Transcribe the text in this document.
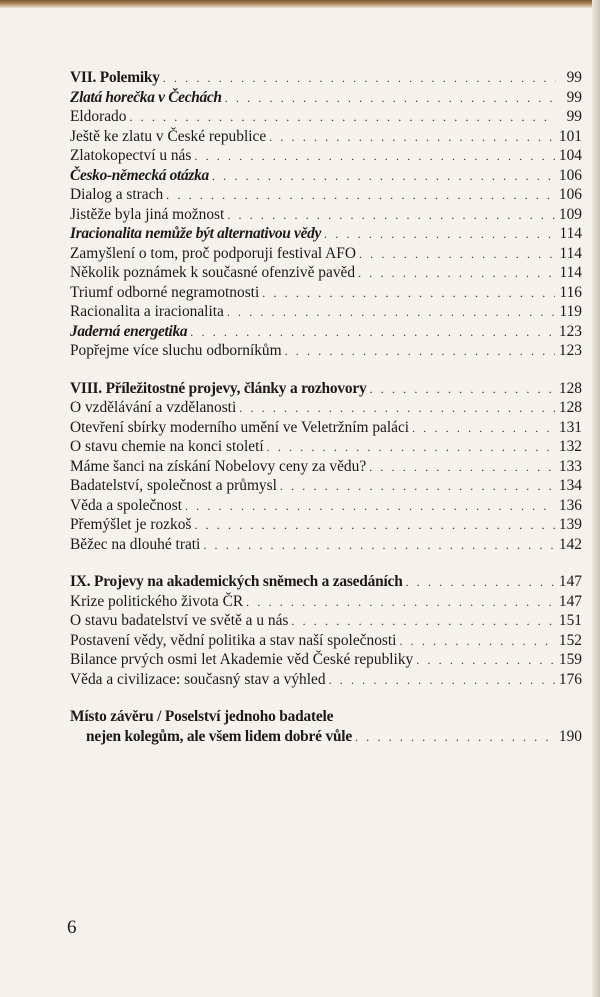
VII. Polemiky . . .	99
Zlatá horečka v Čechách . . .	99
Eldorado . . .	99
Ještě ke zlatu v České republice . . .	101
Zlatokopectví u nás . . .	104
Česko-německá otázka . . .	106
Dialog a strach . . .	106
Jistěže byla jiná možnost . . .	109
Iracionalita nemůže být alternativou vědy . . .	114
Zamyšlení o tom, proč podporuji festival AFO . . .	114
Několik poznámek k současné ofenzivě pavěd . . .	114
Triumf odborné negramotnosti . . .	116
Racionalita a iracionalita . . .	119
Jaderná energetika . . .	123
Popřejme více sluchu odborníkům . . .	123
VIII. Příležitostné projevy, články a rozhovory . . .	128
O vzdělávání a vzdělanosti . . .	128
Otevření sbírky moderního umění ve Veletržním paláci . . .	131
O stavu chemie na konci století . . .	132
Máme šanci na získání Nobelovy ceny za vědu? . . .	133
Badatelství, společnost a průmysl . . .	134
Věda a společnost . . .	136
Přemýšlet je rozkoš . . .	139
Běžec na dlouhé trati . . .	142
IX. Projevy na akademických sněmech a zasedáních . . .	147
Krize politického života ČR . . .	147
O stavu badatelství ve světě a u nás . . .	151
Postavení vědy, vědní politika a stav naší společnosti . . .	152
Bilance prvých osmi let Akademie věd České republiky . . .	159
Věda a civilizace: současný stav a výhled . . .	176
Místo závěru / Poselství jednoho badatele
nejen kolegům, ale všem lidem dobré vůle . . .	190
6
